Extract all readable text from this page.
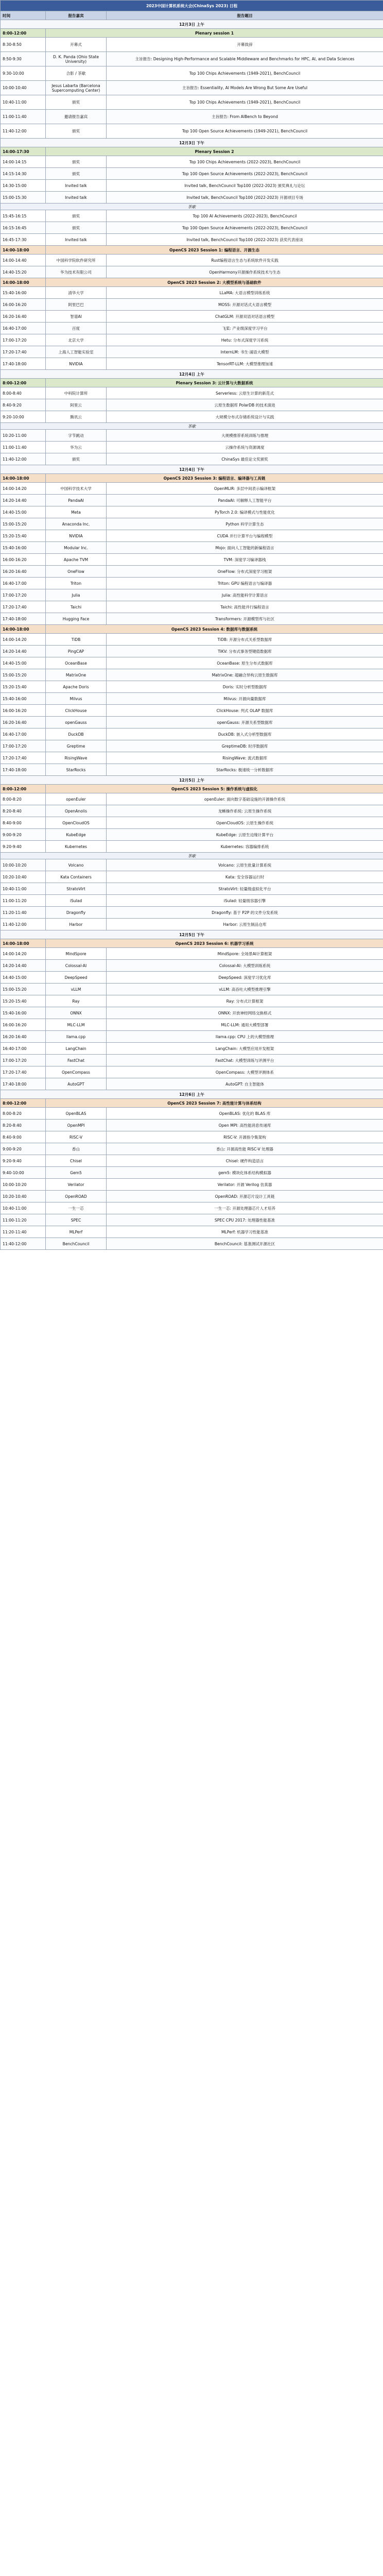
2023中国计算机系统大会(ChinaSys 2023) 日程		
时间	报告嘉宾	报告题目
12月3日 上午		
8:00-12:00	Plenary session 1	
8:30-8:50	开幕式	开幕致辞
8:50-9:30	D. K. Panda (Ohio State University)	主旨报告: Designing High-Performance and Scalable Middleware and Benchmarks for HPC, AI, and Data Sciences
9:30-10:00	合影 / 茶歇	Top 100 Chips Achievements (1949-2021), BenchCouncil
10:00-10:40	Jesus Labarta (Barcelona Supercomputing Center)	主旨报告: Essentiality, AI Models Are Wrong But Some Are Useful
10:40-11:00	颁奖	Top 100 Chips Achievements (1949-2021), BenchCouncil
11:00-11:40	邀请报告嘉宾	主旨报告: From AIBench to Beyond
11:40-12:00	颁奖	Top 100 Open Source Achievements (1949-2021), BenchCouncil
12月3日 下午		
14:00-17:30	Plenary Session 2	
14:00-14:15	颁奖	Top 100 Chips Achievements (2022-2023), BenchCouncil
14:15-14:30	颁奖	Top 100 Open Source Achievements (2022-2023), BenchCouncil
14:30-15:00	Invited talk	Invited talk, BenchCouncil Top100 (2022-2023) 颁奖典礼与论坛
15:00-15:30	Invited talk	Invited talk, BenchCouncil Top100 (2022-2023) 开源项目专场
茶歇		
15:45-16:15	颁奖	Top 100 AI Achievements (2022-2023), BenchCouncil
16:15-16:45	颁奖	Top 100 Open Source Achievements (2022-2023), BenchCouncil
16:45-17:30	Invited talk	Invited talk, BenchCouncil Top100 (2022-2023) 获奖代表座谈
14:00-18:00	OpenCS 2023 Session 1: 编程语言、开源生态	
14:00-14:40	中国科学院软件研究所	Rust编程语言生态与系统软件开发实践
14:40-15:20	华为技术有限公司	OpenHarmony开源操作系统技术与生态
14:00-18:00	OpenCS 2023 Session 2: 大模型系统与基础软件	
15:40-16:00	清华大学	LLaMA: 大语言模型训练系统
16:00-16:20	阿里巴巴	MOSS: 开源对话式大语言模型
16:20-16:40	智谱AI	ChatGLM: 开源双语对话语言模型
16:40-17:00	百度	飞桨: 产业级深度学习平台
17:00-17:20	北京大学	Hetu: 分布式深度学习系统
17:20-17:40	上海人工智能实验室	InternLM: 书生·浦语大模型
17:40-18:00	NVIDIA	TensorRT-LLM: 大模型推理加速
12月4日 上午		
8:00-12:00	Plenary Session 3: 云计算与大数据系统	
8:00-8:40	中科院计算所	Serverless: 云原生计算的新范式
8:40-9:20	阿里云	云原生数据库 PolarDB 的技术演进
9:20-10:00	腾讯云	大规模分布式存储系统设计与实践
茶歇		
10:20-11:00	字节跳动	大规模推荐系统训练与推理
11:00-11:40	华为云	云操作系统与资源调度
11:40-12:00	颁奖	ChinaSys 最佳论文奖颁奖
12月4日 下午		
14:00-18:00	OpenCS 2023 Session 3: 编程语言、编译器与工具链	
14:00-14:20	中国科学技术大学	OpenMLIR: 多层中间表示编译框架
14:20-14:40	PandaAI	PandaAI: 可解释人工智能平台
14:40-15:00	Meta	PyTorch 2.0: 编译模式与性能优化
15:00-15:20	Anaconda Inc.	Python 科学计算生态
15:20-15:40	NVIDIA	CUDA 并行计算平台与编程模型
15:40-16:00	Modular Inc.	Mojo: 面向人工智能的新编程语言
16:00-16:20	Apache TVM	TVM: 深度学习编译器栈
16:20-16:40	OneFlow	OneFlow: 分布式深度学习框架
16:40-17:00	Triton	Triton: GPU 编程语言与编译器
17:00-17:20	Julia	Julia: 高性能科学计算语言
17:20-17:40	Taichi	Taichi: 高性能并行编程语言
17:40-18:00	Hugging Face	Transformers: 开源模型库与社区
14:00-18:00	OpenCS 2023 Session 4: 数据库与数据系统	
14:00-14:20	TiDB	TiDB: 开源分布式关系型数据库
14:20-14:40	PingCAP	TiKV: 分布式事务型键值数据库
14:40-15:00	OceanBase	OceanBase: 原生分布式数据库
15:00-15:20	MatrixOne	MatrixOne: 超融合异构云原生数据库
15:20-15:40	Apache Doris	Doris: 实时分析型数据库
15:40-16:00	Milvus	Milvus: 开源向量数据库
16:00-16:20	ClickHouse	ClickHouse: 列式 OLAP 数据库
16:20-16:40	openGauss	openGauss: 开源关系型数据库
16:40-17:00	DuckDB	DuckDB: 嵌入式分析型数据库
17:00-17:20	Greptime	GreptimeDB: 时序数据库
17:20-17:40	RisingWave	RisingWave: 流式数据库
17:40-18:00	StarRocks	StarRocks: 极速统一分析数据库
12月5日 上午		
8:00-12:00	OpenCS 2023 Session 5: 操作系统与虚拟化	
8:00-8:20	openEuler	openEuler: 面向数字基础设施的开源操作系统
8:20-8:40	OpenAnolis	龙蜥操作系统: 云原生操作系统
8:40-9:00	OpenCloudOS	OpenCloudOS: 云原生操作系统
9:00-9:20	KubeEdge	KubeEdge: 云原生边缘计算平台
9:20-9:40	Kubernetes	Kubernetes: 容器编排系统
茶歇		
10:00-10:20	Volcano	Volcano: 云原生批量计算系统
10:20-10:40	Kata Containers	Kata: 安全容器运行时
10:40-11:00	StratoVirt	StratoVirt: 轻量级虚拟化平台
11:00-11:20	iSulad	iSulad: 轻量级容器引擎
11:20-11:40	Dragonfly	Dragonfly: 基于 P2P 的文件分发系统
11:40-12:00	Harbor	Harbor: 云原生制品仓库
12月5日 下午		
14:00-18:00	OpenCS 2023 Session 6: 机器学习系统	
14:00-14:20	MindSpore	MindSpore: 全场景AI计算框架
14:20-14:40	Colossal-AI	Colossal-AI: 大模型训练系统
14:40-15:00	DeepSpeed	DeepSpeed: 深度学习优化库
15:00-15:20	vLLM	vLLM: 高吞吐大模型推理引擎
15:20-15:40	Ray	Ray: 分布式计算框架
15:40-16:00	ONNX	ONNX: 开放神经网络交换格式
16:00-16:20	MLC-LLM	MLC-LLM: 通用大模型部署
16:20-16:40	llama.cpp	llama.cpp: CPU 上的大模型推理
16:40-17:00	LangChain	LangChain: 大模型应用开发框架
17:00-17:20	FastChat	FastChat: 大模型训练与评测平台
17:20-17:40	OpenCompass	OpenCompass: 大模型评测体系
17:40-18:00	AutoGPT	AutoGPT: 自主智能体
12月6日 上午		
8:00-12:00	OpenCS 2023 Session 7: 高性能计算与体系结构	
8:00-8:20	OpenBLAS	OpenBLAS: 优化的 BLAS 库
8:20-8:40	OpenMPI	Open MPI: 高性能消息传递库
8:40-9:00	RISC-V	RISC-V: 开源指令集架构
9:00-9:20	香山	香山: 开源高性能 RISC-V 处理器
9:20-9:40	Chisel	Chisel: 硬件构造语言
9:40-10:00	Gem5	gem5: 模块化体系结构模拟器
10:00-10:20	Verilator	Verilator: 开源 Verilog 仿真器
10:20-10:40	OpenROAD	OpenROAD: 开源芯片设计工具链
10:40-11:00	一生一芯	一生一芯: 开源处理器芯片人才培养
11:00-11:20	SPEC	SPEC CPU 2017: 处理器性能基准
11:20-11:40	MLPerf	MLPerf: 机器学习性能基准
11:40-12:00	BenchCouncil	BenchCouncil: 基准测试开源社区
